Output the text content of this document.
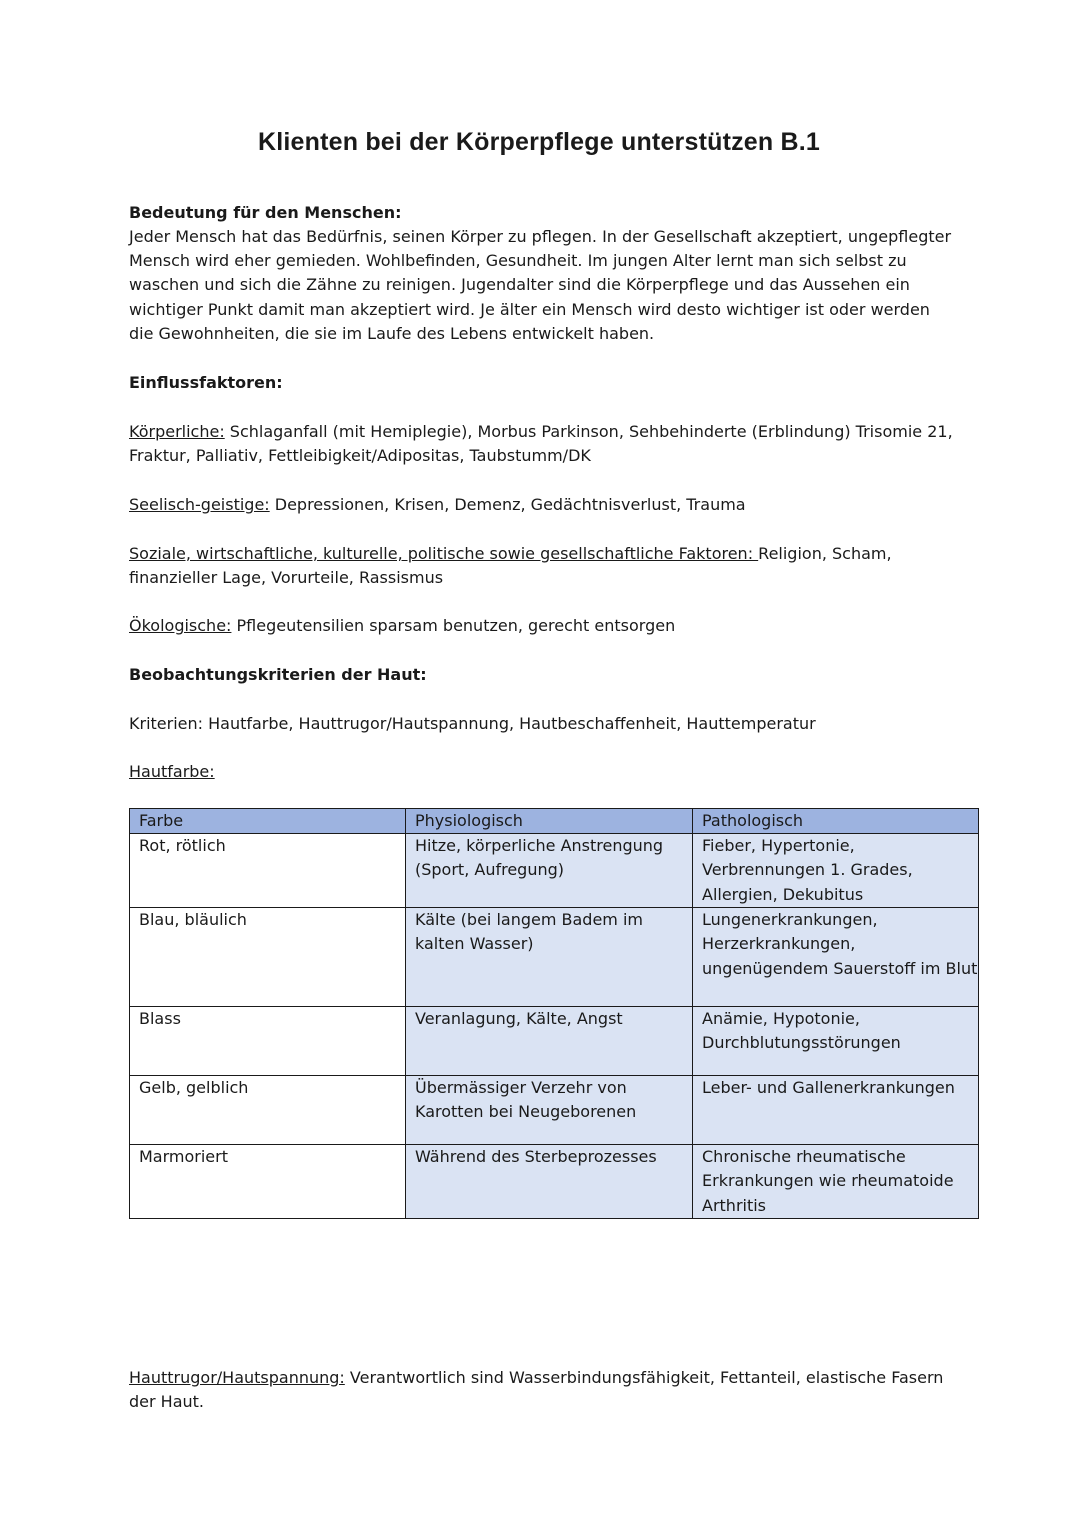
Klienten bei der Körperpflege unterstützen B.1

Bedeutung für den Menschen:

Jeder Mensch hat das Bedürfnis, seinen Körper zu pflegen. In der Gesellschaft akzeptiert, ungepflegter Mensch wird eher gemieden. Wohlbefinden, Gesundheit. Im jungen Alter lernt man sich selbst zu waschen und sich die Zähne zu reinigen. Jugendalter sind die Körperpflege und das Aussehen ein wichtiger Punkt damit man akzeptiert wird. Je älter ein Mensch wird desto wichtiger ist oder werden die Gewohnheiten, die sie im Laufe des Lebens entwickelt haben.

Einflussfaktoren:

Körperliche: Schlaganfall (mit Hemiplegie), Morbus Parkinson, Sehbehinderte (Erblindung) Trisomie 21, Fraktur, Palliativ, Fettleibigkeit/Adipositas, Taubstumm/DK

Seelisch-geistige: Depressionen, Krisen, Demenz, Gedächtnisverlust, Trauma

Soziale, wirtschaftliche, kulturelle, politische sowie gesellschaftliche Faktoren: Religion, Scham, finanzieller Lage, Vorurteile, Rassismus

Ökologische: Pflegeutensilien sparsam benutzen, gerecht entsorgen

Beobachtungskriterien der Haut:

Kriterien: Hautfarbe, Hauttrugor/Hautspannung, Hautbeschaffenheit, Hauttemperatur

Hautfarbe:

Farbe	Physiologisch	Pathologisch
Rot, rötlich	Hitze, körperliche Anstrengung (Sport, Aufregung)	Fieber, Hypertonie, Verbrennungen 1. Grades, Allergien, Dekubitus
Blau, bläulich	Kälte (bei langem Badem im kalten Wasser)	Lungenerkrankungen, Herzerkrankungen, ungenügendem Sauerstoff im Blut
Blass	Veranlagung, Kälte, Angst	Anämie, Hypotonie, Durchblutungsstörungen
Gelb, gelblich	Übermässiger Verzehr von Karotten bei Neugeborenen	Leber- und Gallenerkrankungen
Marmoriert	Während des Sterbeprozesses	Chronische rheumatische Erkrankungen wie rheumatoide Arthritis

Hauttrugor/Hautspannung: Verantwortlich sind Wasserbindungsfähigkeit, Fettanteil, elastische Fasern der Haut.
